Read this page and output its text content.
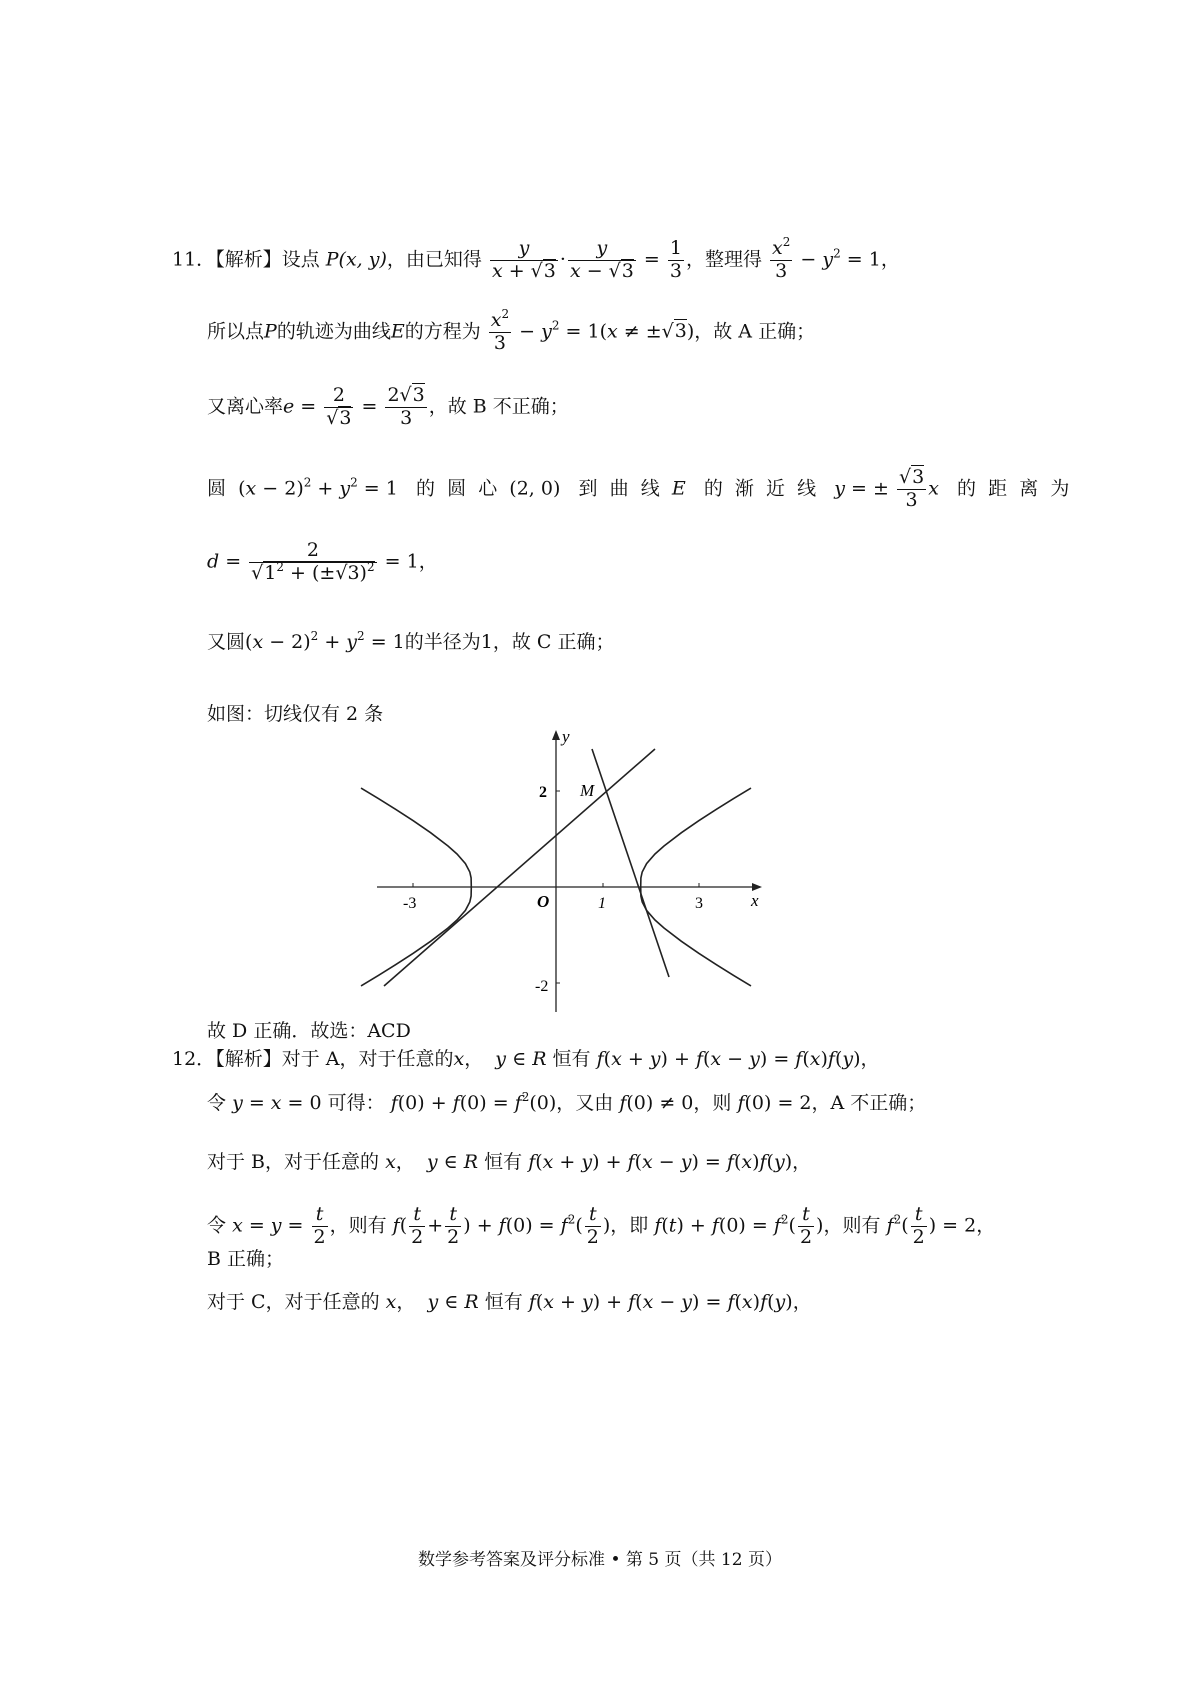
11．【解析】设点 P(x, y)，由已知得 $\frac{y}{x + √3} \cdot \frac{y}{x - √3} = \frac{1}{3}$ ，整理得 $\frac{x^2}{3} - y^2 = 1$，
所以点P的轨迹为曲线E的方程为 $\frac{x^2}{3} - y^2 = 1(x \ne \pm√3)$，故 A 正确；
又离心率$e = \frac{2}{√3} = \frac{2√3}{3}$ ，故 B 不正确；
圆  $(x - 2)^2 + y^2 = 1$   的 圆 心  (2, 0)   到 曲 线 E 的 渐 近 线 y = ± $\frac{√3}{3}$ x 的 距 离 为
$d = \frac{2}{√1^2 + (\pm√3)^2} = 1$，
又圆$(x - 2)^2 + y^2 = 1$的半径为1，故 C 正确；
如图：切线仅有 2 条
y
x
O
M
-3	1	3
2
-2
故 D 正确．故选：ACD
12．【解析】对于 A，对于任意的x， y ∈ R 恒有 f(x + y) + f(x − y) = f(x)f(y)，
令 y = x = 0 可得： $f(0) + f(0) = f^2(0)$，又由 f(0) ≠ 0，则 f(0) = 2，A 不正确；
对于 B，对于任意的 x， y ∈ R 恒有 f(x + y) + f(x − y) = f(x)f(y)，
令 $x = y = \frac{t}{2}$ ，则有 $f( \frac{t}{2} + \frac{t}{2}$ ) + $f(0) = f^2( \frac{t}{2}$ )，即 $f(t) + f(0) = f^2( \frac{t}{2}$ )，则有 $f^2( \frac{t}{2}$ ) = 2，
B 正确；
对于 C，对于任意的 x， y ∈ R 恒有 f(x + y) + f(x − y) = f(x)f(y)，
数学参考答案及评分标准 • 第 5 页（共 12 页）
